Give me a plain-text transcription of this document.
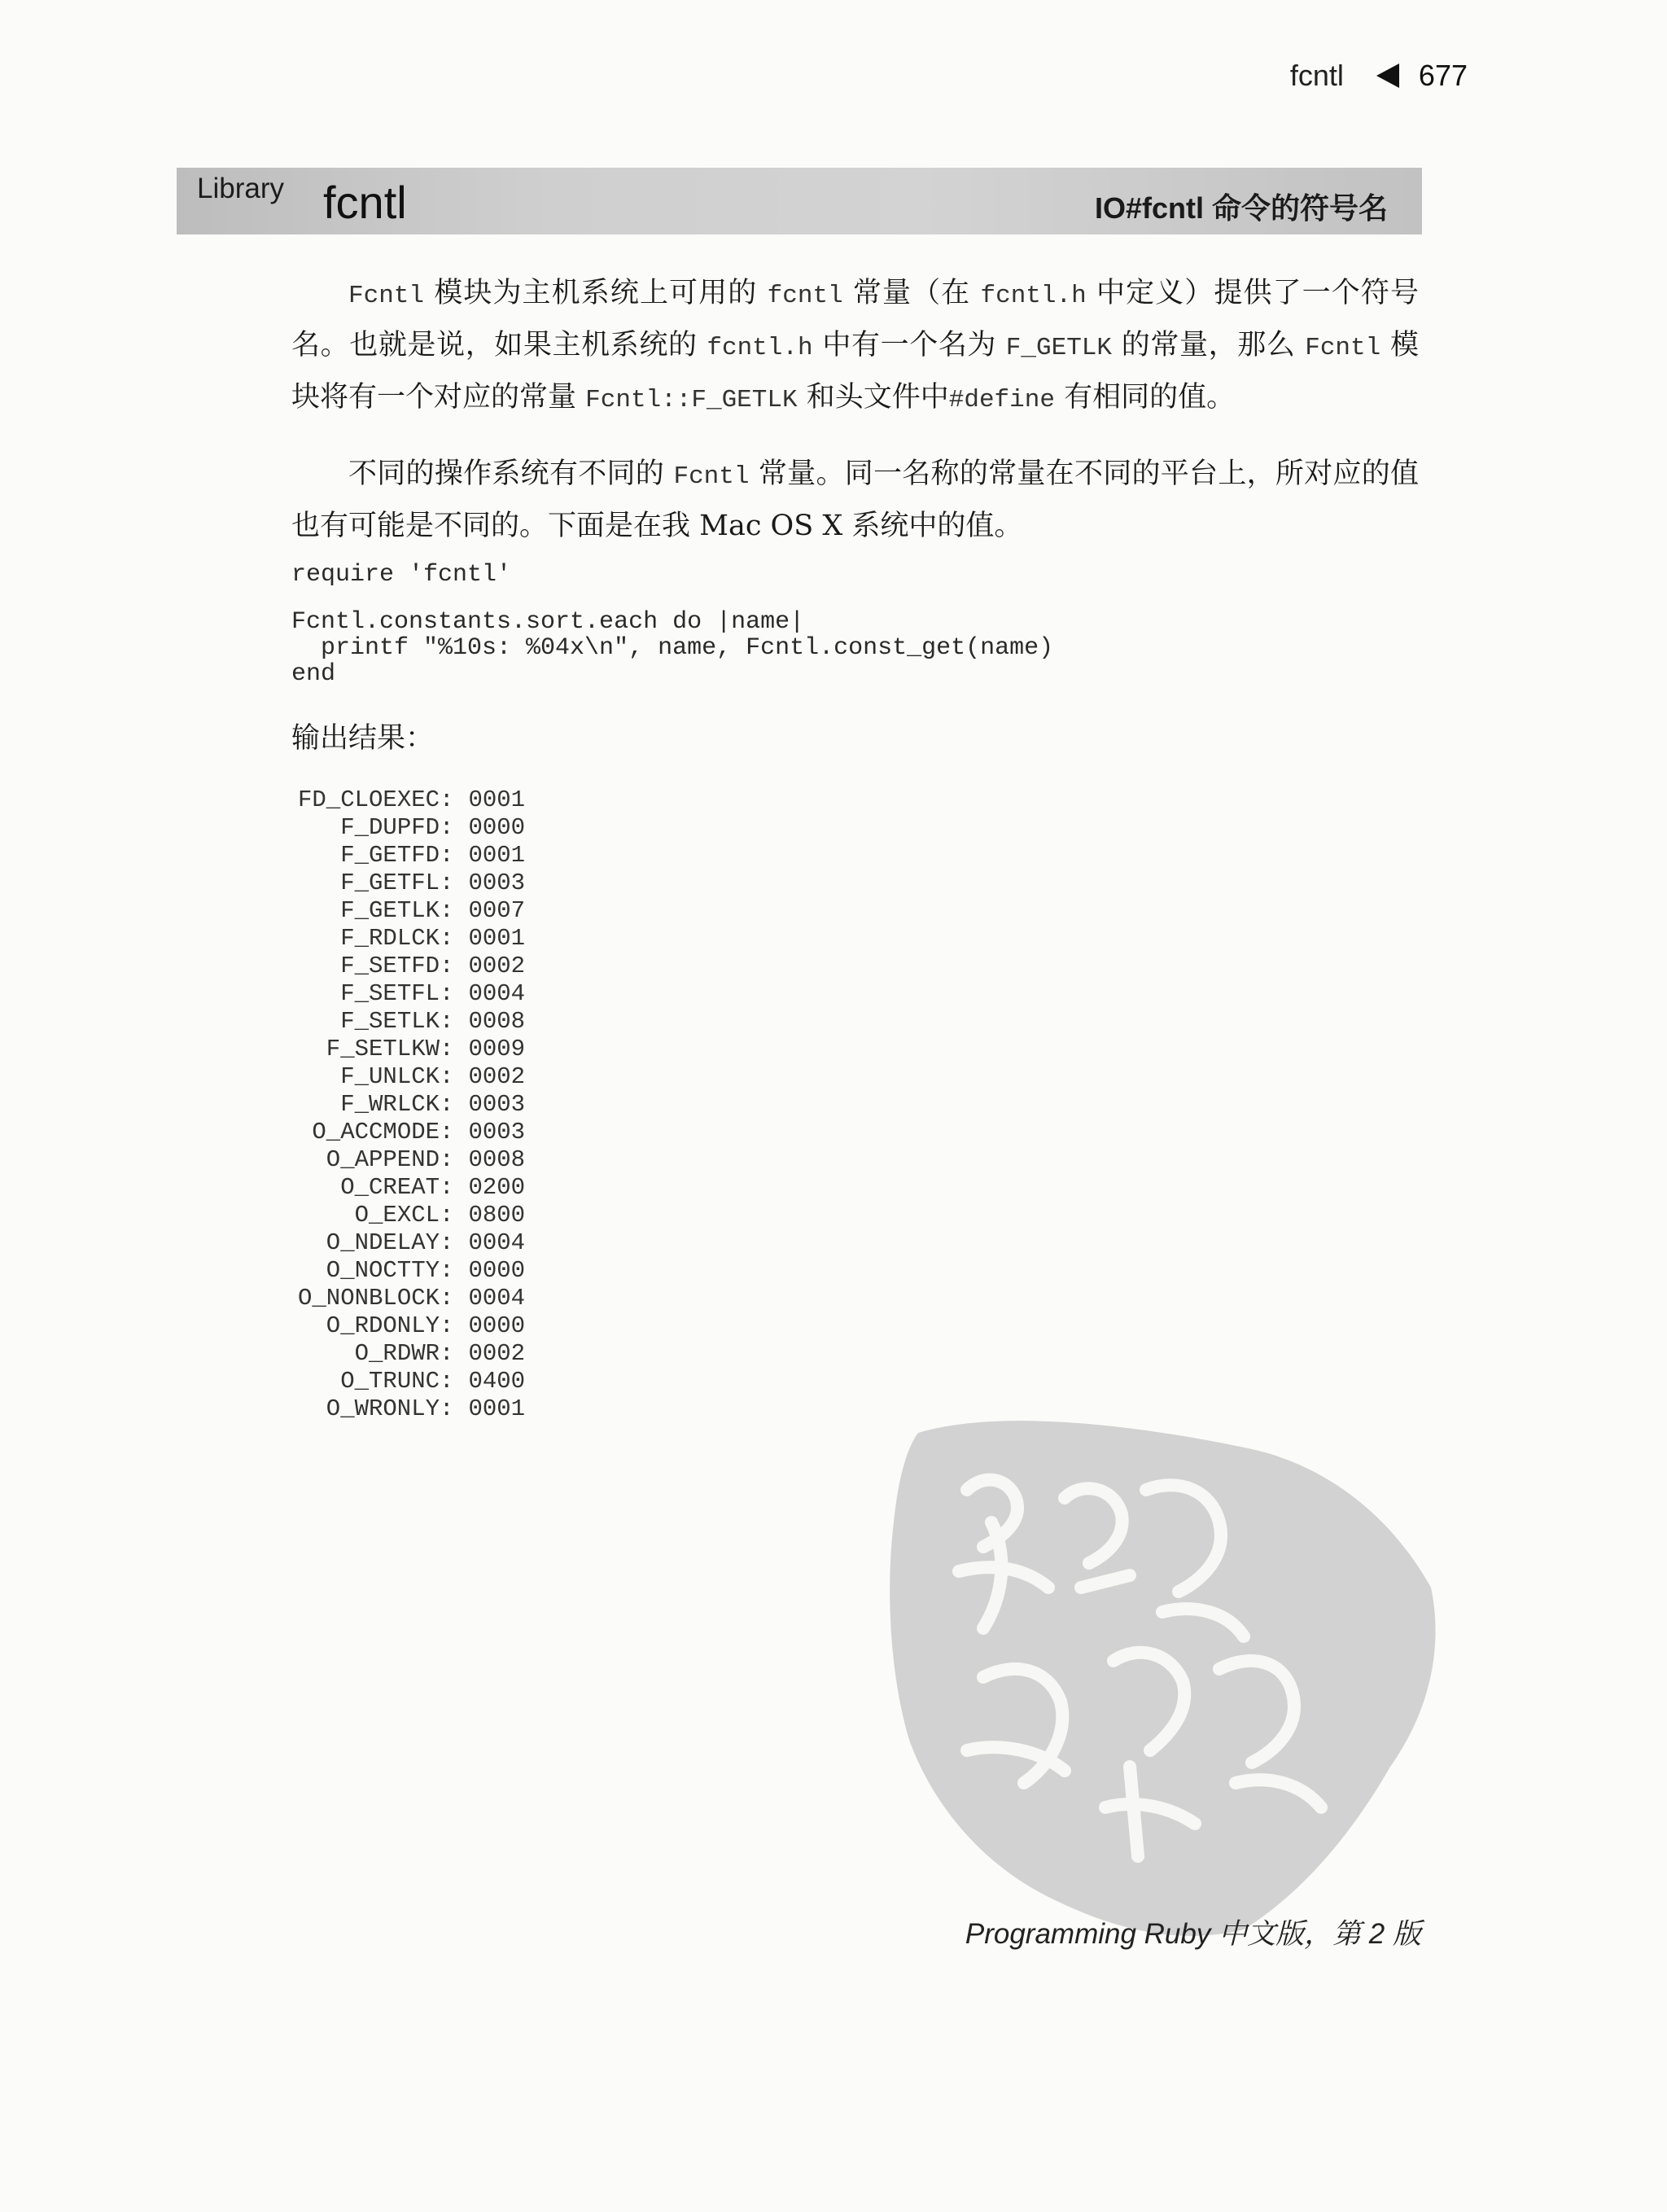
fcntl	677
Library fcntl	IO#fcntl 命令的符号名

Fcntl 模块为主机系统上可用的 fcntl 常量（在 fcntl.h 中定义）提供了一个符号名。也就是说，如果主机系统的 fcntl.h 中有一个名为 F_GETLK 的常量，那么 Fcntl 模块将有一个对应的常量 Fcntl::F_GETLK 和头文件中#define 有相同的值。

不同的操作系统有不同的 Fcntl 常量。同一名称的常量在不同的平台上，所对应的值也有可能是不同的。下面是在我 Mac OS X 系统中的值。

require 'fcntl'

Fcntl.constants.sort.each do |name|
printf "%10s: %04x\n", name, Fcntl.const_get(name)
end

输出结果：

FD_CLOEXEC:	0001
F_DUPFD:	0000
F_GETFD:	0001
F_GETFL:	0003
F_GETLK:	0007
F_RDLCK:	0001
F_SETFD:	0002
F_SETFL:	0004
F_SETLK:	0008
F_SETLKW:	0009
F_UNLCK:	0002
F_WRLCK:	0003
O_ACCMODE:	0003
O_APPEND:	0008
O_CREAT:	0200
O_EXCL:	0800
O_NDELAY:	0004
O_NOCTTY:	0000
O_NONBLOCK:	0004
O_RDONLY:	0000
O_RDWR:	0002
O_TRUNC:	0400
O_WRONLY:	0001
Programming Ruby 中文版，第 2 版
